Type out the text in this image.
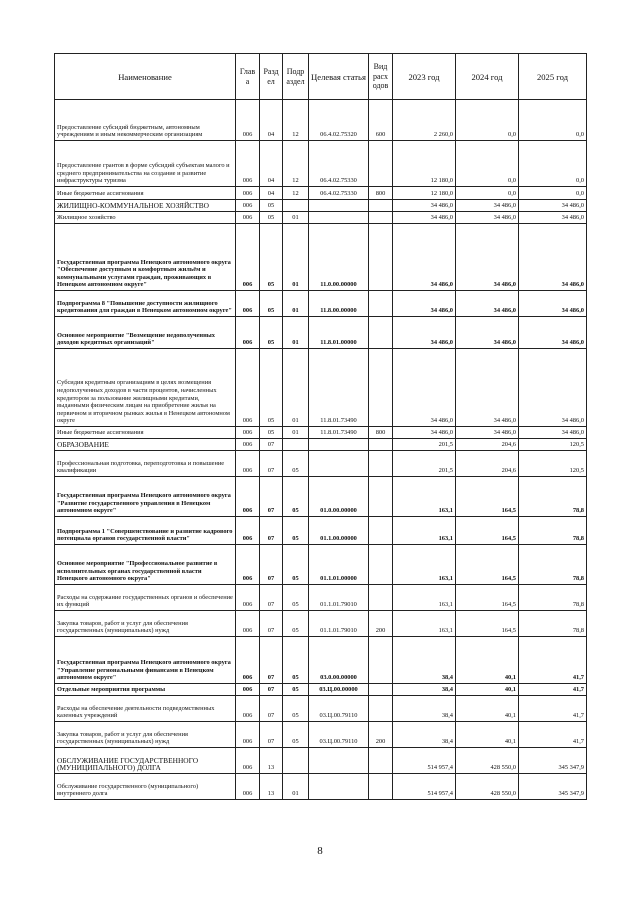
Наименование	Глав а	Разд ел	Подр аздел	Целевая статья	Вид расх одов	2023 год	2024 год	2025 год
Предоставление субсидий бюджетным, автономным учреждениям и иным некоммерческим организациям	006	04	12	06.4.02.75320	600	2 260,0	0,0	0,0
Предоставление грантов в форме субсидий субъектам малого и среднего предпринимательства на создание и развитие инфраструктуры туризма	006	04	12	06.4.02.75330		12 180,0	0,0	0,0
Иные бюджетные ассигнования	006	04	12	06.4.02.75330	800	12 180,0	0,0	0,0
ЖИЛИЩНО-КОММУНАЛЬНОЕ ХОЗЯЙСТВО	006	05				34 486,0	34 486,0	34 486,0
Жилищное хозяйство	006	05	01			34 486,0	34 486,0	34 486,0
Государственная программа Ненецкого автономного округа "Обеспечение доступным и комфортным жильём и коммунальными услугами граждан, проживающих в Ненецком автономном округе"	006	05	01	11.0.00.00000		34 486,0	34 486,0	34 486,0
Подпрограмма 8 "Повышение доступности жилищного кредитования для граждан в Ненецком автономном округе"	006	05	01	11.8.00.00000		34 486,0	34 486,0	34 486,0
Основное мероприятие "Возмещение недополученных доходов кредитных организаций"	006	05	01	11.8.01.00000		34 486,0	34 486,0	34 486,0
Субсидия кредитным организациям в целях возмещения недополученных доходов в части процентов, начисленных кредитором за пользование жилищными кредитами, выданными физическим лицам на приобретение жилья на первичном и вторичном рынках жилья в Ненецком автономном округе	006	05	01	11.8.01.73490		34 486,0	34 486,0	34 486,0
Иные бюджетные ассигнования	006	05	01	11.8.01.73490	800	34 486,0	34 486,0	34 486,0
ОБРАЗОВАНИЕ	006	07				201,5	204,6	120,5
Профессиональная подготовка, переподготовка и повышение квалификации	006	07	05			201,5	204,6	120,5
Государственная программа Ненецкого автономного округа "Развитие государственного управления в Ненецком автономном округе"	006	07	05	01.0.00.00000		163,1	164,5	78,8
Подпрограмма 1 "Совершенствование и развитие кадрового потенциала органов государственной власти"	006	07	05	01.1.00.00000		163,1	164,5	78,8
Основное мероприятие "Профессиональное развитие в исполнительных органах государственной власти Ненецкого автономного округа"	006	07	05	01.1.01.00000		163,1	164,5	78,8
Расходы на содержание государственных органов и обеспечение их функций	006	07	05	01.1.01.79010		163,1	164,5	78,8
Закупка товаров, работ и услуг для обеспечения государственных (муниципальных) нужд	006	07	05	01.1.01.79010	200	163,1	164,5	78,8
Государственная программа Ненецкого автономного округа "Управление региональными финансами в Ненецком автономном округе"	006	07	05	03.0.00.00000		38,4	40,1	41,7
Отдельные мероприятия программы	006	07	05	03.Ц.00.00000		38,4	40,1	41,7
Расходы на обеспечение деятельности подведомственных казенных учреждений	006	07	05	03.Ц.00.79110		38,4	40,1	41,7
Закупка товаров, работ и услуг для обеспечения государственных (муниципальных) нужд	006	07	05	03.Ц.00.79110	200	38,4	40,1	41,7
ОБСЛУЖИВАНИЕ ГОСУДАРСТВЕННОГО (МУНИЦИПАЛЬНОГО) ДОЛГА	006	13				514 957,4	428 550,0	345 347,9
Обслуживание государственного (муниципального) внутреннего долга	006	13	01			514 957,4	428 550,0	345 347,9
8
